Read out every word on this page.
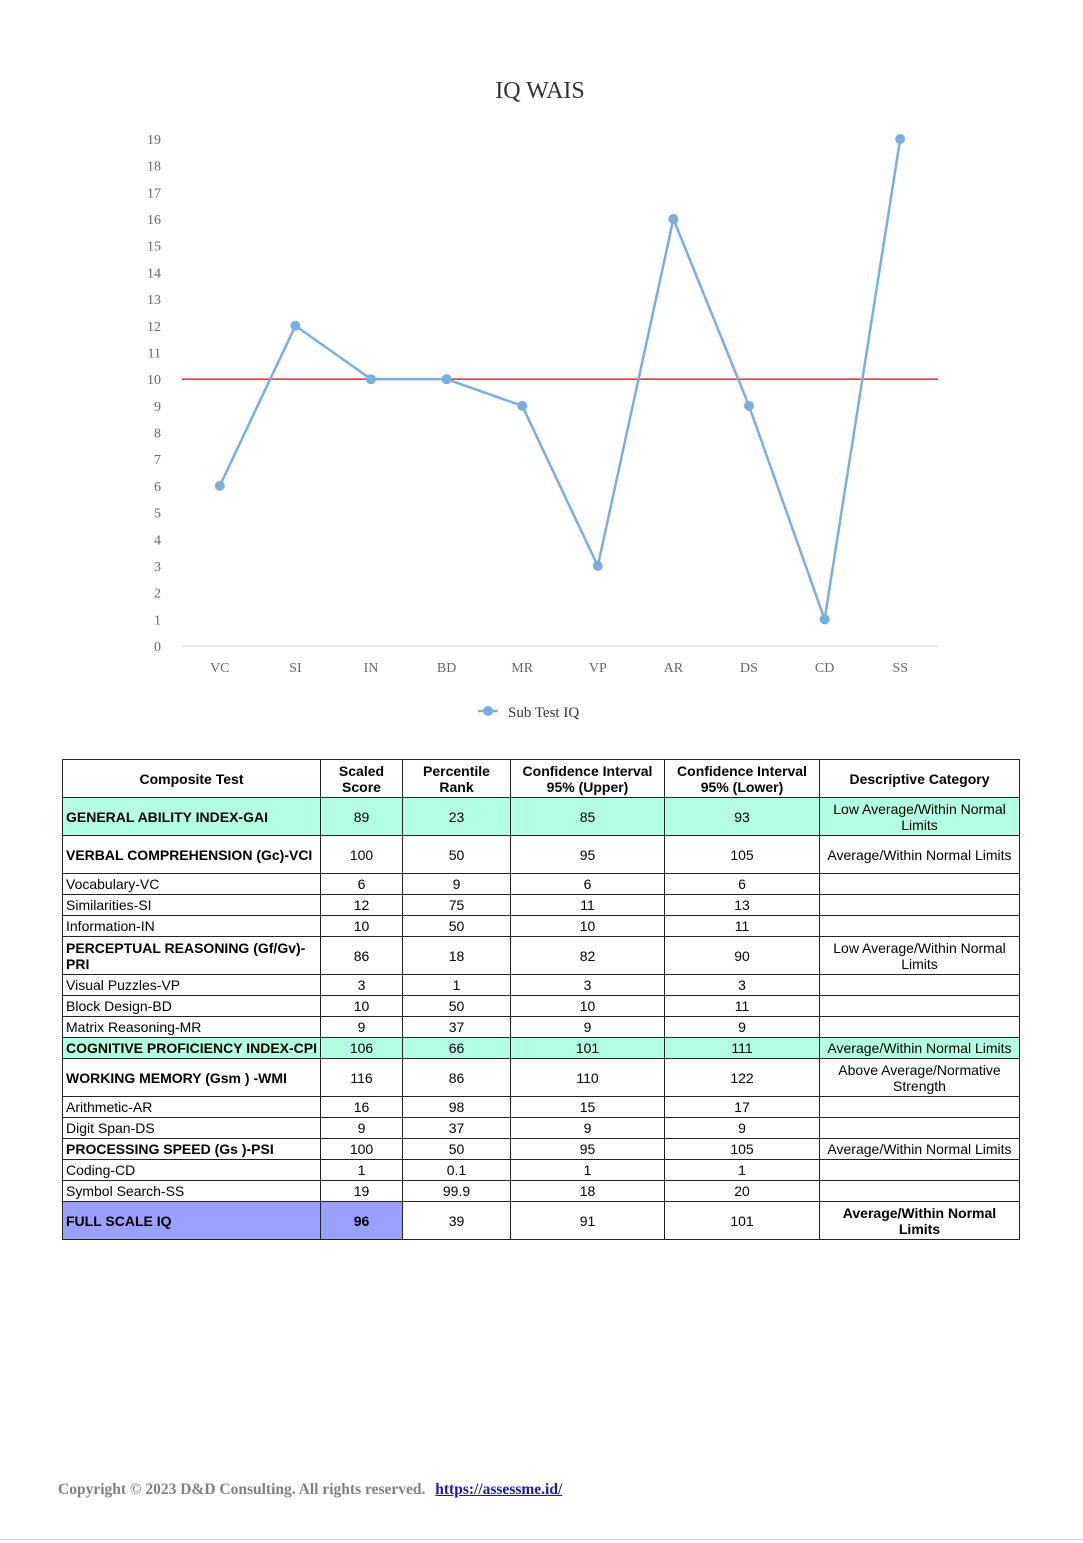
IQ WAIS
0
1
2
3
4
5
6
7
8
9
10
11
12
13
14
15
16
17
18
19
VC	SI	IN	BD	MR	VP	AR	DS	CD	SS
Sub Test IQ
Composite Test	Scaled Score	Percentile Rank	Confidence Interval 95% (Upper)	Confidence Interval 95% (Lower)	Descriptive Category
GENERAL ABILITY INDEX-GAI	89	23	85	93	Low Average/Within Normal Limits
VERBAL COMPREHENSION (Gc)-VCI	100	50	95	105	Average/Within Normal Limits
Vocabulary-VC	6	9	6	6	
Similarities-SI	12	75	11	13	
Information-IN	10	50	10	11	
PERCEPTUAL REASONING (Gf/Gv)-PRI	86	18	82	90	Low Average/Within Normal Limits
Visual Puzzles-VP	3	1	3	3	
Block Design-BD	10	50	10	11	
Matrix Reasoning-MR	9	37	9	9	
COGNITIVE PROFICIENCY INDEX-CPI	106	66	101	111	Average/Within Normal Limits
WORKING MEMORY (Gsm ) -WMI	116	86	110	122	Above Average/Normative Strength
Arithmetic-AR	16	98	15	17	
Digit Span-DS	9	37	9	9	
PROCESSING SPEED (Gs )-PSI	100	50	95	105	Average/Within Normal Limits
Coding-CD	1	0.1	1	1	
Symbol Search-SS	19	99.9	18	20	
FULL SCALE IQ	96	39	91	101	Average/Within Normal Limits
Copyright © 2023 D&D Consulting. All rights reserved. https://assessme.id/
